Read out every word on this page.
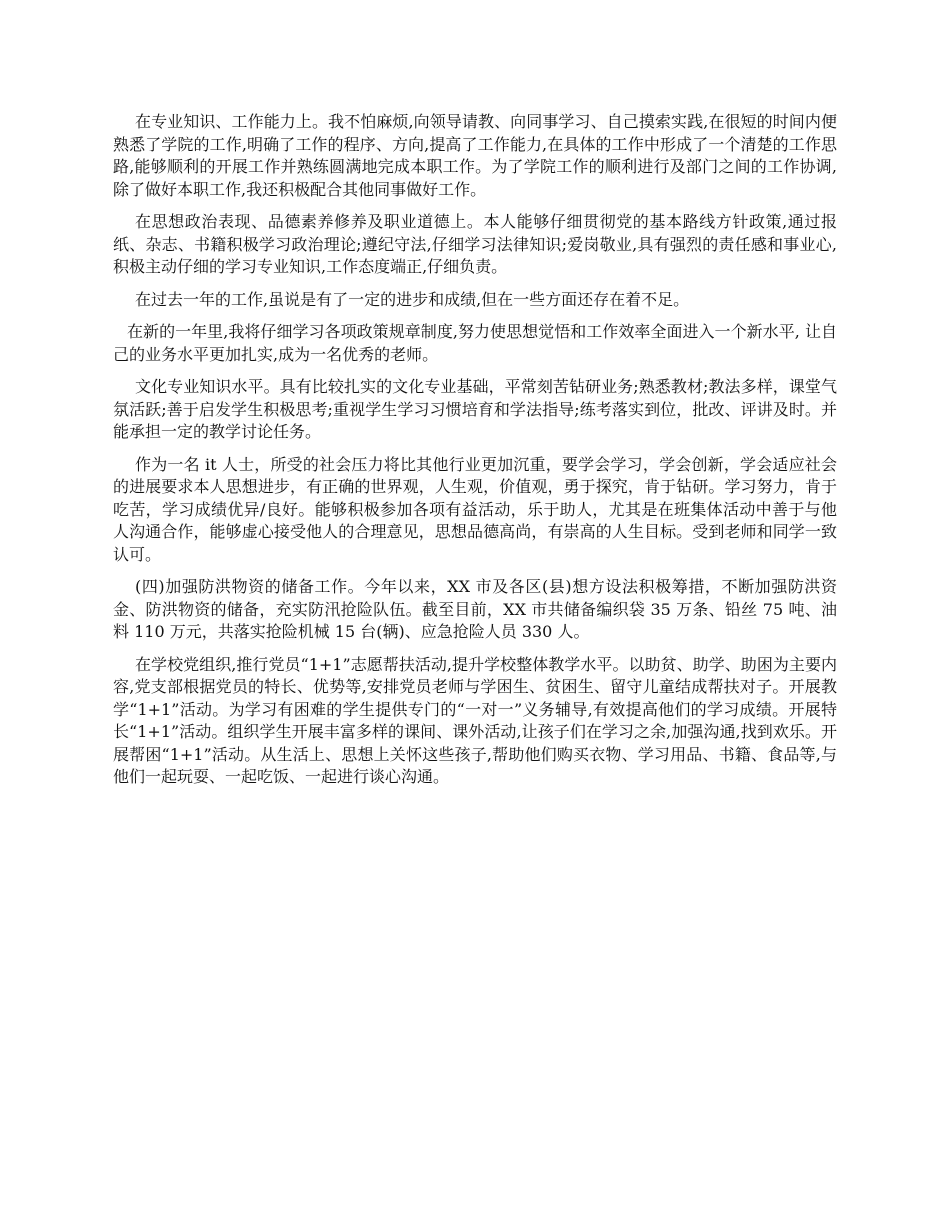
在专业知识、工作能力上。我不怕麻烦,向领导请教、向同事学习、自己摸索实践,在很短的时间内便熟悉了学院的工作,明确了工作的程序、方向,提高了工作能力,在具体的工作中形成了一个清楚的工作思路,能够顺利的开展工作并熟练圆满地完成本职工作。为了学院工作的顺利进行及部门之间的工作协调,除了做好本职工作,我还积极配合其他同事做好工作。

在思想政治表现、品德素养修养及职业道德上。本人能够仔细贯彻党的基本路线方针政策,通过报纸、杂志、书籍积极学习政治理论;遵纪守法,仔细学习法律知识;爱岗敬业,具有强烈的责任感和事业心,积极主动仔细的学习专业知识,工作态度端正,仔细负责。

在过去一年的工作,虽说是有了一定的进步和成绩,但在一些方面还存在着不足。

在新的一年里,我将仔细学习各项政策规章制度,努力使思想觉悟和工作效率全面进入一个新水平, 让自己的业务水平更加扎实,成为一名优秀的老师。

文化专业知识水平。具有比较扎实的文化专业基础，平常刻苦钻研业务;熟悉教材;教法多样，课堂气氛活跃;善于启发学生积极思考;重视学生学习习惯培育和学法指导;练考落实到位，批改、评讲及时。并能承担一定的教学讨论任务。

作为一名 it 人士，所受的社会压力将比其他行业更加沉重，要学会学习，学会创新，学会适应社会的进展要求本人思想进步，有正确的世界观，人生观，价值观，勇于探究，肯于钻研。学习努力，肯于吃苦，学习成绩优异/良好。能够积极参加各项有益活动，乐于助人，尤其是在班集体活动中善于与他人沟通合作，能够虚心接受他人的合理意见，思想品德高尚，有崇高的人生目标。受到老师和同学一致认可。

(四)加强防洪物资的储备工作。今年以来，XX 市及各区(县)想方设法积极筹措，不断加强防洪资金、防洪物资的储备，充实防汛抢险队伍。截至目前，XX 市共储备编织袋 35 万条、铅丝 75 吨、油料 110 万元，共落实抢险机械 15 台(辆)、应急抢险人员 330 人。

在学校党组织,推行党员“1+1”志愿帮扶活动,提升学校整体教学水平。以助贫、助学、助困为主要内容,党支部根据党员的特长、优势等,安排党员老师与学困生、贫困生、留守儿童结成帮扶对子。开展教学“1+1”活动。为学习有困难的学生提供专门的“一对一”义务辅导,有效提高他们的学习成绩。开展特长“1+1”活动。组织学生开展丰富多样的课间、课外活动,让孩子们在学习之余,加强沟通,找到欢乐。开展帮困“1+1”活动。从生活上、思想上关怀这些孩子,帮助他们购买衣物、学习用品、书籍、食品等,与他们一起玩耍、一起吃饭、一起进行谈心沟通。
